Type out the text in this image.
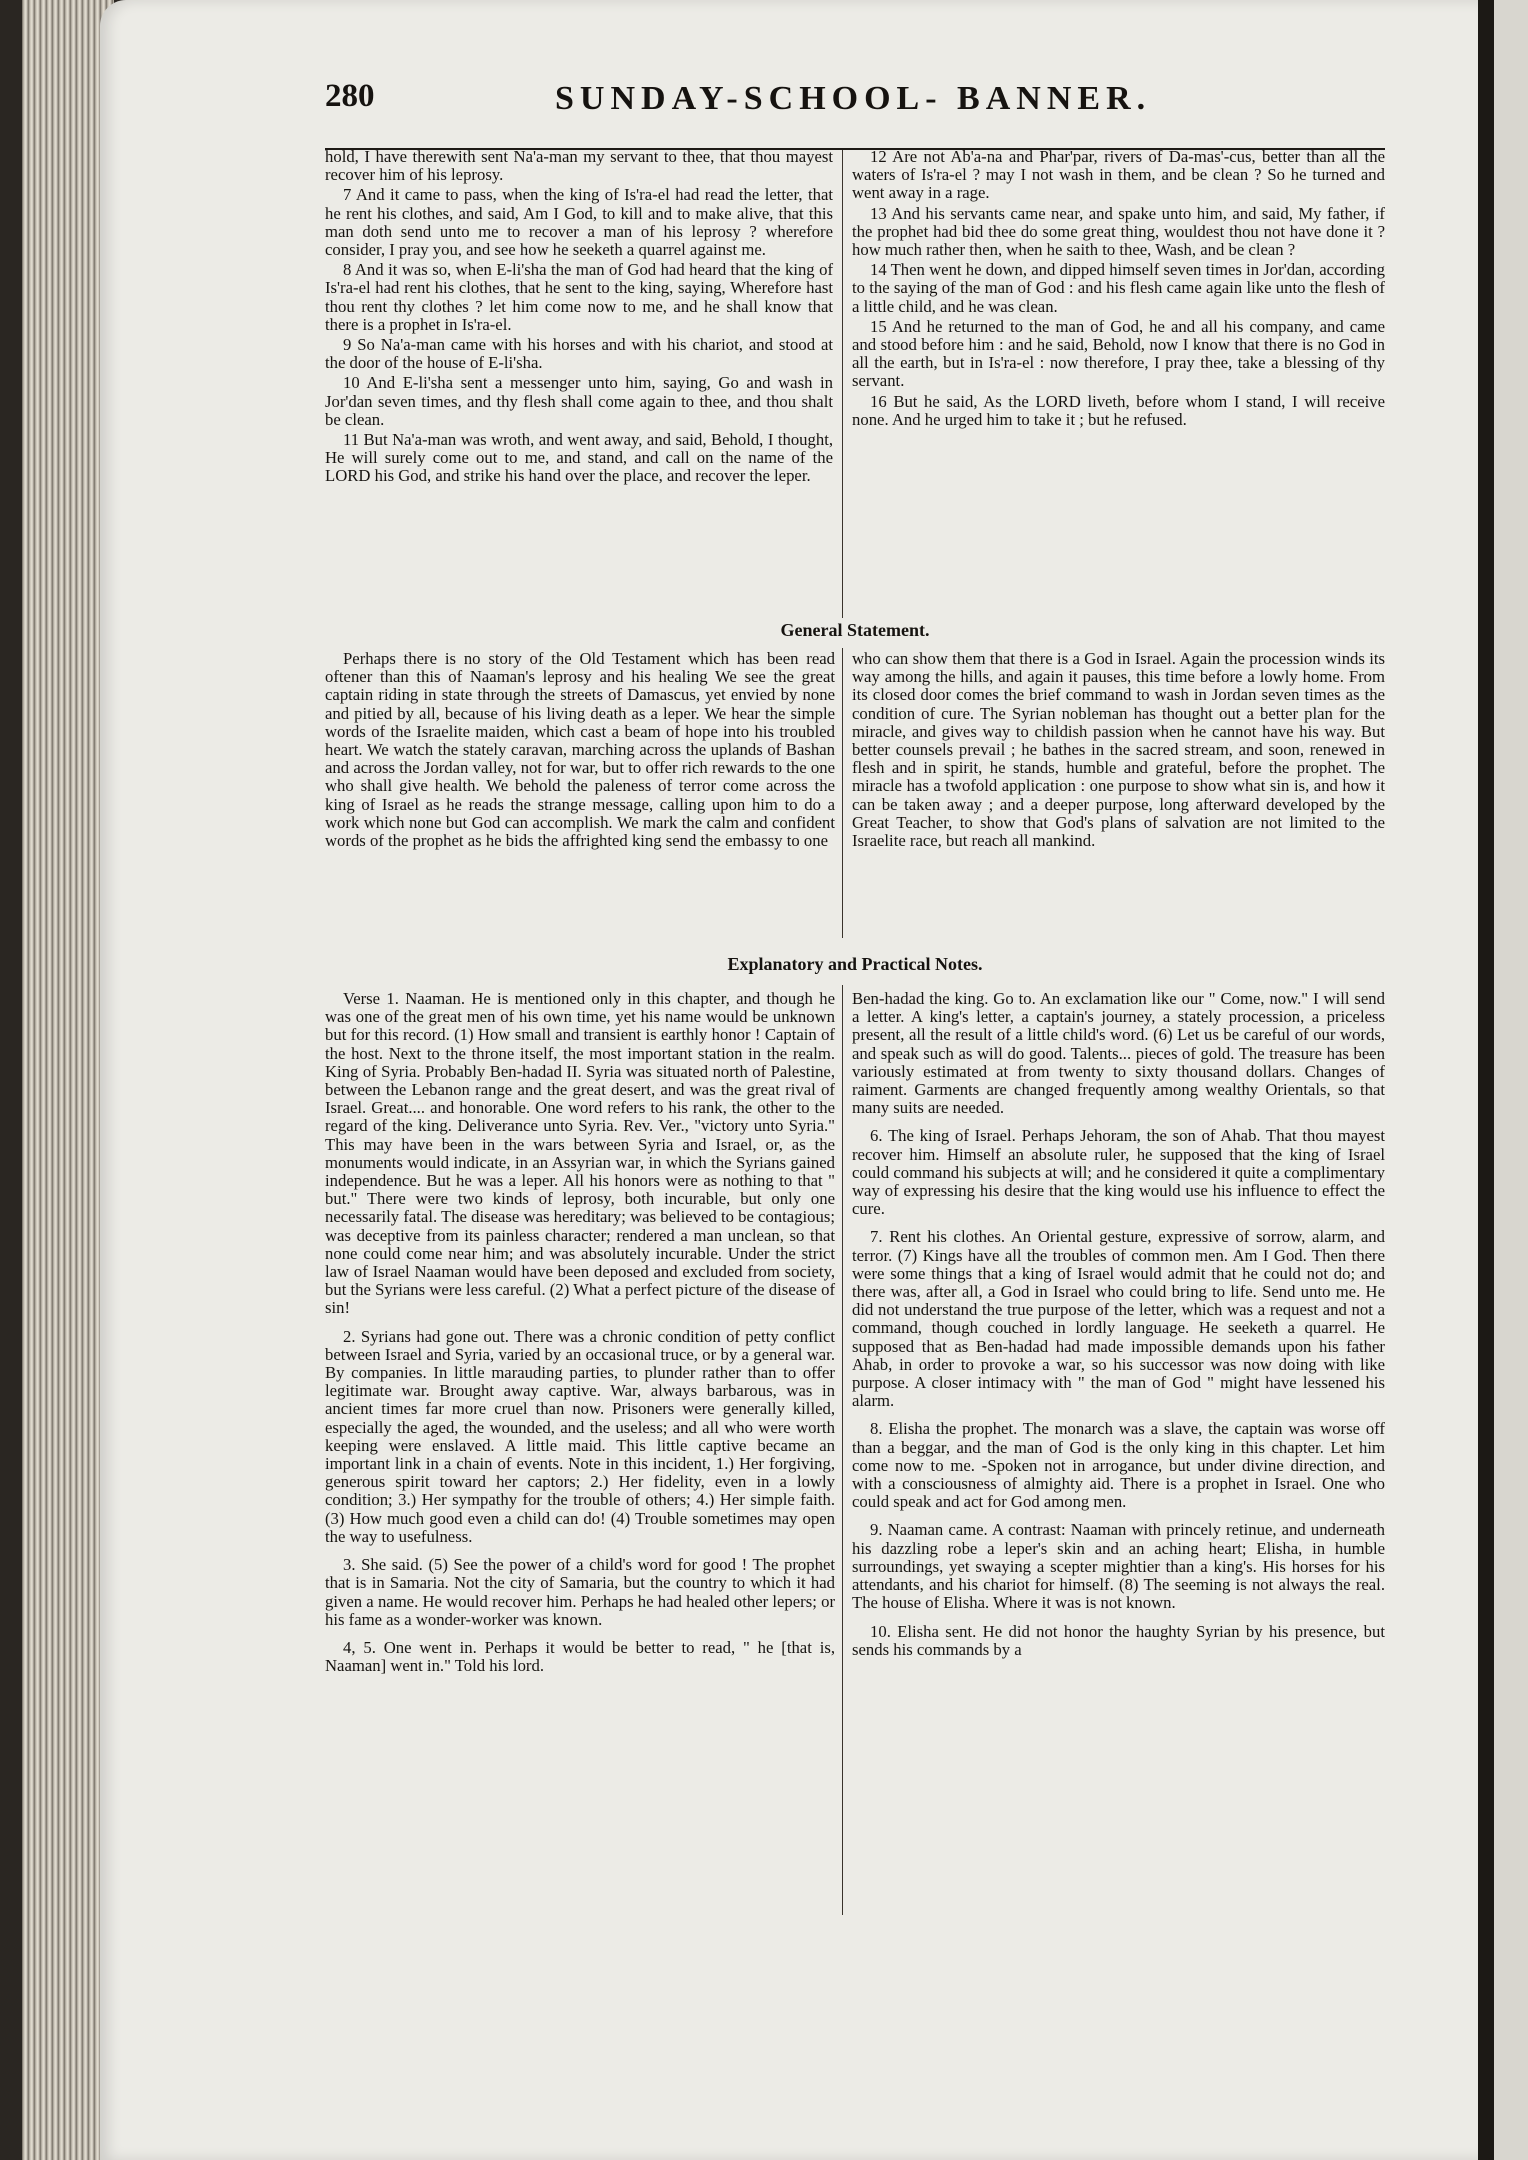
280	SUNDAY-SCHOOL- BANNER.

hold, I have therewith sent Na'a-man my servant to thee, that thou mayest recover him of his leprosy.

7 And it came to pass, when the king of Is'ra-el had read the letter, that he rent his clothes, and said, Am I God, to kill and to make alive, that this man doth send unto me to recover a man of his leprosy ? wherefore consider, I pray you, and see how he seeketh a quarrel against me.

8 And it was so, when E-li'sha the man of God had heard that the king of Is'ra-el had rent his clothes, that he sent to the king, saying, Wherefore hast thou rent thy clothes ? let him come now to me, and he shall know that there is a prophet in Is'ra-el.

9 So Na'a-man came with his horses and with his chariot, and stood at the door of the house of E-li'sha.

10 And E-li'sha sent a messenger unto him, saying, Go and wash in Jor'dan seven times, and thy flesh shall come again to thee, and thou shalt be clean.

11 But Na'a-man was wroth, and went away, and said, Behold, I thought, He will surely come out to me, and stand, and call on the name of the LORD his God, and strike his hand over the place, and recover the leper.

12 Are not Ab'a-na and Phar'par, rivers of Da-mas'-cus, better than all the waters of Is'ra-el ? may I not wash in them, and be clean ? So he turned and went away in a rage.

13 And his servants came near, and spake unto him, and said, My father, if the prophet had bid thee do some great thing, wouldest thou not have done it ? how much rather then, when he saith to thee, Wash, and be clean ?

14 Then went he down, and dipped himself seven times in Jor'dan, according to the saying of the man of God : and his flesh came again like unto the flesh of a little child, and he was clean.

15 And he returned to the man of God, he and all his company, and came and stood before him : and he said, Behold, now I know that there is no God in all the earth, but in Is'ra-el : now therefore, I pray thee, take a blessing of thy servant.

16 But he said, As the LORD liveth, before whom I stand, I will receive none. And he urged him to take it ; but he refused.

General Statement.

Perhaps there is no story of the Old Testament which has been read oftener than this of Naaman's leprosy and his healing We see the great captain riding in state through the streets of Damascus, yet envied by none and pitied by all, because of his living death as a leper. We hear the simple words of the Israelite maiden, which cast a beam of hope into his troubled heart. We watch the stately caravan, marching across the uplands of Bashan and across the Jordan valley, not for war, but to offer rich rewards to the one who shall give health. We behold the paleness of terror come across the king of Israel as he reads the strange message, calling upon him to do a work which none but God can accomplish. We mark the calm and confident words of the prophet as he bids the affrighted king send the embassy to one

who can show them that there is a God in Israel. Again the procession winds its way among the hills, and again it pauses, this time before a lowly home. From its closed door comes the brief command to wash in Jordan seven times as the condition of cure. The Syrian nobleman has thought out a better plan for the miracle, and gives way to childish passion when he cannot have his way. But better counsels prevail ; he bathes in the sacred stream, and soon, renewed in flesh and in spirit, he stands, humble and grateful, before the prophet. The miracle has a twofold application : one purpose to show what sin is, and how it can be taken away ; and a deeper purpose, long afterward developed by the Great Teacher, to show that God's plans of salvation are not limited to the Israelite race, but reach all mankind.

Explanatory and Practical Notes.

Verse 1. Naaman. He is mentioned only in this chapter, and though he was one of the great men of his own time, yet his name would be unknown but for this record. (1) How small and transient is earthly honor ! Captain of the host. Next to the throne itself, the most important station in the realm. King of Syria. Probably Ben-hadad II. Syria was situated north of Palestine, between the Lebanon range and the great desert, and was the great rival of Israel. Great.... and honorable. One word refers to his rank, the other to the regard of the king. Deliverance unto Syria. Rev. Ver., "victory unto Syria." This may have been in the wars between Syria and Israel, or, as the monuments would indicate, in an Assyrian war, in which the Syrians gained independence. But he was a leper. All his honors were as nothing to that " but." There were two kinds of leprosy, both incurable, but only one necessarily fatal. The disease was hereditary; was believed to be contagious; was deceptive from its painless character; rendered a man unclean, so that none could come near him; and was absolutely incurable. Under the strict law of Israel Naaman would have been deposed and excluded from society, but the Syrians were less careful. (2) What a perfect picture of the disease of sin!

2. Syrians had gone out. There was a chronic condition of petty conflict between Israel and Syria, varied by an occasional truce, or by a general war. By companies. In little marauding parties, to plunder rather than to offer legitimate war. Brought away captive. War, always barbarous, was in ancient times far more cruel than now. Prisoners were generally killed, especially the aged, the wounded, and the useless; and all who were worth keeping were enslaved. A little maid. This little captive became an important link in a chain of events. Note in this incident, 1.) Her forgiving, generous spirit toward her captors; 2.) Her fidelity, even in a lowly condition; 3.) Her sympathy for the trouble of others; 4.) Her simple faith. (3) How much good even a child can do! (4) Trouble sometimes may open the way to usefulness.

3. She said. (5) See the power of a child's word for good ! The prophet that is in Samaria. Not the city of Samaria, but the country to which it had given a name. He would recover him. Perhaps he had healed other lepers; or his fame as a wonder-worker was known.

4, 5. One went in. Perhaps it would be better to read, " he [that is, Naaman] went in." Told his lord.

Ben-hadad the king. Go to. An exclamation like our " Come, now." I will send a letter. A king's letter, a captain's journey, a stately procession, a priceless present, all the result of a little child's word. (6) Let us be careful of our words, and speak such as will do good. Talents... pieces of gold. The treasure has been variously estimated at from twenty to sixty thousand dollars. Changes of raiment. Garments are changed frequently among wealthy Orientals, so that many suits are needed.

6. The king of Israel. Perhaps Jehoram, the son of Ahab. That thou mayest recover him. Himself an absolute ruler, he supposed that the king of Israel could command his subjects at will; and he considered it quite a complimentary way of expressing his desire that the king would use his influence to effect the cure.

7. Rent his clothes. An Oriental gesture, expressive of sorrow, alarm, and terror. (7) Kings have all the troubles of common men. Am I God. Then there were some things that a king of Israel would admit that he could not do; and there was, after all, a God in Israel who could bring to life. Send unto me. He did not understand the true purpose of the letter, which was a request and not a command, though couched in lordly language. He seeketh a quarrel. He supposed that as Ben-hadad had made impossible demands upon his father Ahab, in order to provoke a war, so his successor was now doing with like purpose. A closer intimacy with " the man of God " might have lessened his alarm.

8. Elisha the prophet. The monarch was a slave, the captain was worse off than a beggar, and the man of God is the only king in this chapter. Let him come now to me. -Spoken not in arrogance, but under divine direction, and with a consciousness of almighty aid. There is a prophet in Israel. One who could speak and act for God among men.

9. Naaman came. A contrast: Naaman with princely retinue, and underneath his dazzling robe a leper's skin and an aching heart; Elisha, in humble surroundings, yet swaying a scepter mightier than a king's. His horses for his attendants, and his chariot for himself. (8) The seeming is not always the real. The house of Elisha. Where it was is not known.

10. Elisha sent. He did not honor the haughty Syrian by his presence, but sends his commands by a
